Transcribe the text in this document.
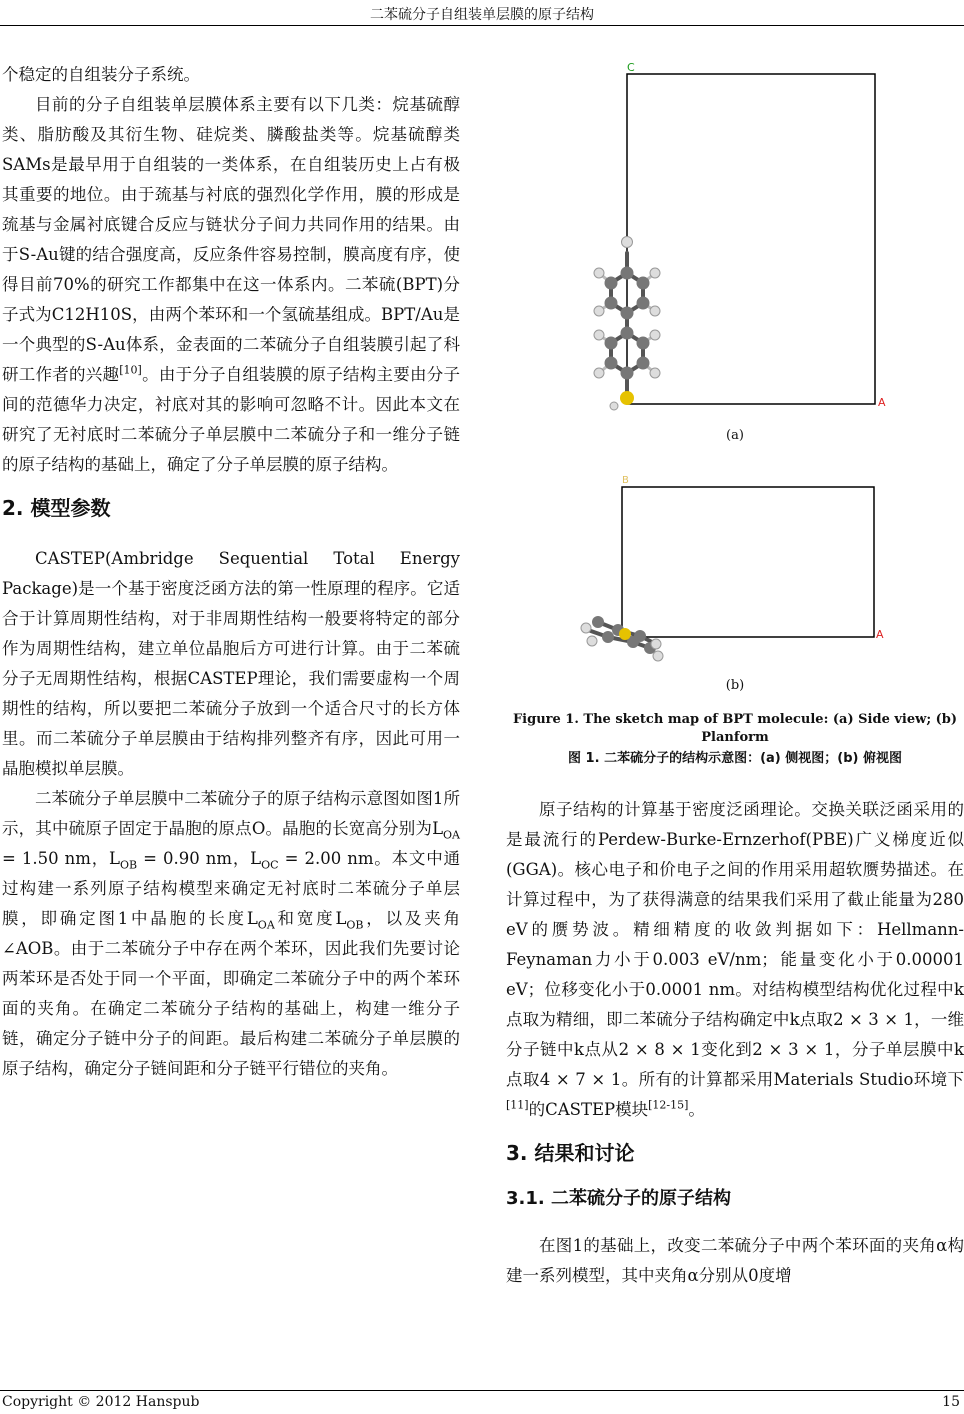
二苯硫分子自组装单层膜的原子结构

个稳定的自组装分子系统。

目前的分子自组装单层膜体系主要有以下几类：烷基硫醇类、脂肪酸及其衍生物、硅烷类、膦酸盐类等。烷基硫醇类SAMs是最早用于自组装的一类体系，在自组装历史上占有极其重要的地位。由于巯基与衬底的强烈化学作用，膜的形成是巯基与金属衬底键合反应与链状分子间力共同作用的结果。由于S-Au键的结合强度高，反应条件容易控制，膜高度有序，使得目前70%的研究工作都集中在这一体系内。二苯硫(BPT)分子式为C12H10S，由两个苯环和一个氢硫基组成。BPT/Au是一个典型的S-Au体系，金表面的二苯硫分子自组装膜引起了科研工作者的兴趣[10]。由于分子自组装膜的原子结构主要由分子间的范德华力决定，衬底对其的影响可忽略不计。因此本文在研究了无衬底时二苯硫分子单层膜中二苯硫分子和一维分子链的原子结构的基础上，确定了分子单层膜的原子结构。

2. 模型参数

CASTEP(Ambridge Sequential Total Energy Package)是一个基于密度泛函方法的第一性原理的程序。它适合于计算周期性结构，对于非周期性结构一般要将特定的部分作为周期性结构，建立单位晶胞后方可进行计算。由于二苯硫分子无周期性结构，根据CASTEP理论，我们需要虚构一个周期性的结构，所以要把二苯硫分子放到一个适合尺寸的长方体里。而二苯硫分子单层膜由于结构排列整齐有序，因此可用一晶胞模拟单层膜。

二苯硫分子单层膜中二苯硫分子的原子结构示意图如图1所示，其中硫原子固定于晶胞的原点O。晶胞的长宽高分别为$L_{OA} = 1.50$ nm，$L_{OB} = 0.90$ nm，$L_{OC} = 2.00$ nm。本文中通过构建一系列原子结构模型来确定无衬底时二苯硫分子单层膜，即确定图1中晶胞的长度$L_{OA}$和宽度$L_{OB}$，以及夹角∠AOB。由于二苯硫分子中存在两个苯环，因此我们先要讨论两苯环是否处于同一个平面，即确定二苯硫分子中的两个苯环面的夹角。在确定二苯硫分子结构的基础上，构建一维分子链，确定分子链中分子的间距。最后构建二苯硫分子单层膜的原子结构，确定分子链间距和分子链平行错位的夹角。

C
A
(a)
B
A
(b)
Figure 1. The sketch map of BPT molecule: (a) Side view; (b) Planform
图 1. 二苯硫分子的结构示意图：(a) 侧视图；(b) 俯视图

原子结构的计算基于密度泛函理论。交换关联泛函采用的是最流行的Perdew-Burke-Ernzerhof(PBE)广义梯度近似(GGA)。核心电子和价电子之间的作用采用超软赝势描述。在计算过程中，为了获得满意的结果我们采用了截止能量为280 eV的赝势波。精细精度的收敛判据如下：Hellmann-Feynaman力小于0.003 eV/nm；能量变化小于0.00001 eV；位移变化小于0.0001 nm。对结构模型结构优化过程中k点取为精细，即二苯硫分子结构确定中k点取2 × 3 × 1，一维分子链中k点从2 × 8 × 1变化到2 × 3 × 1，分子单层膜中k点取4 × 7 × 1。所有的计算都采用Materials Studio环境下[11]的CASTEP模块[12-15]。

3. 结果和讨论
3.1. 二苯硫分子的原子结构

在图1的基础上，改变二苯硫分子中两个苯环面的夹角α构建一系列模型，其中夹角α分别从0度增

Copyright © 2012 Hanspub	15
